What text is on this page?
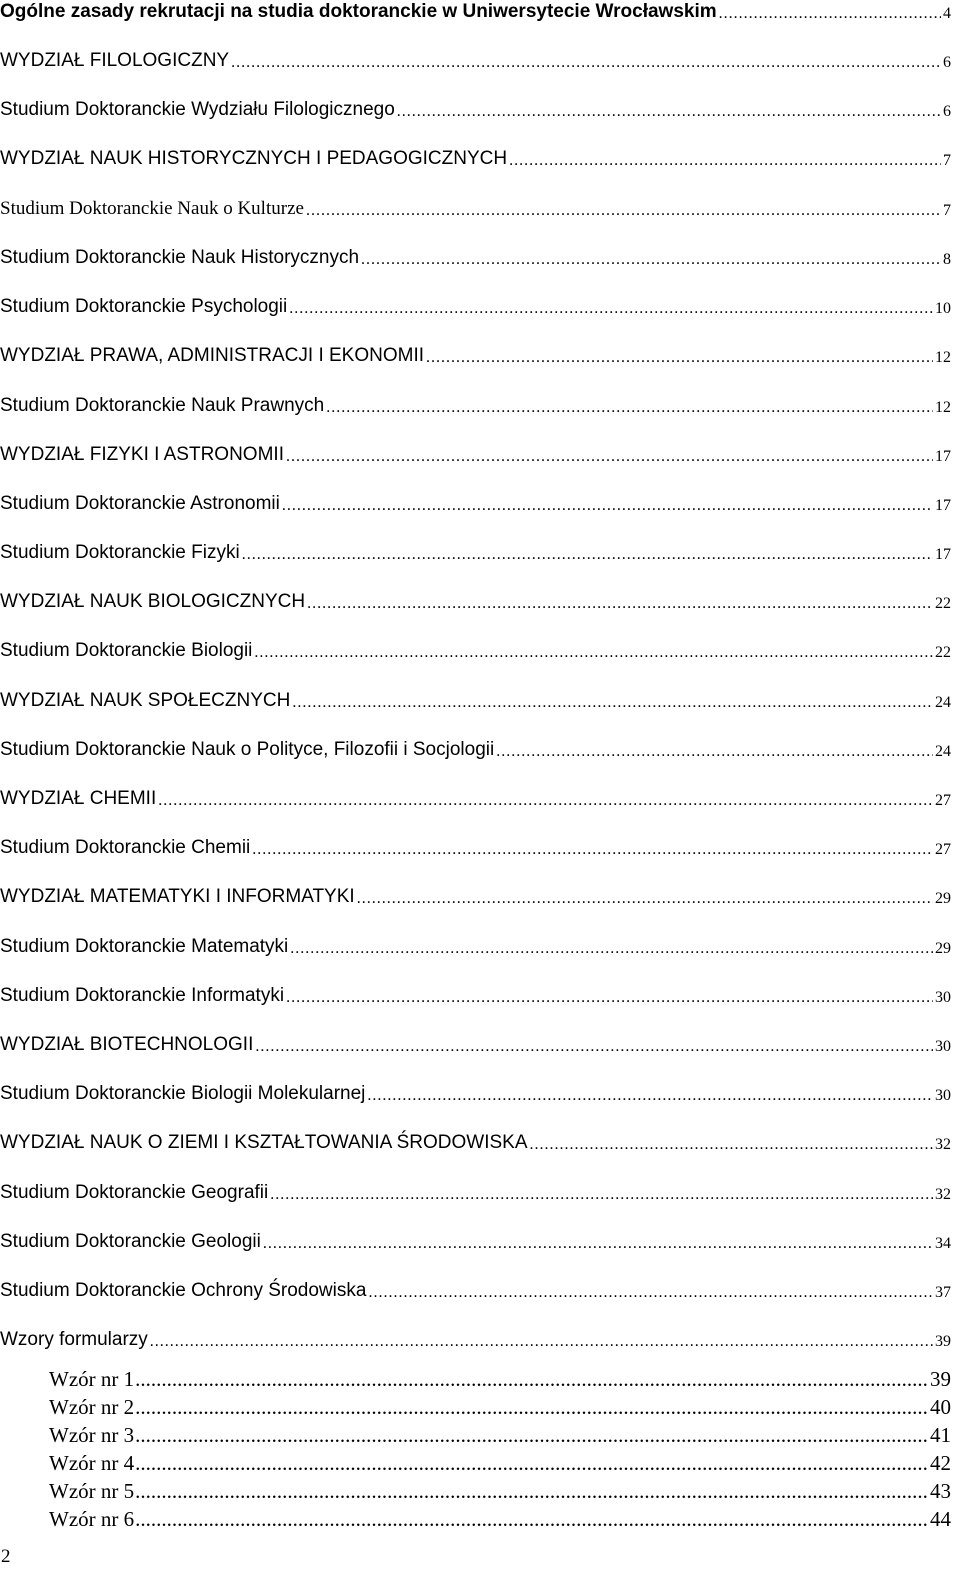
Ogólne zasady rekrutacji na studia doktoranckie w Uniwersytecie Wrocławskim .....	4
WYDZIAŁ FILOLOGICZNY .....	6
Studium Doktoranckie Wydziału Filologicznego .....	6
WYDZIAŁ NAUK HISTORYCZNYCH I PEDAGOGICZNYCH .....	7
Studium Doktoranckie Nauk o Kulturze .....	7
Studium Doktoranckie Nauk Historycznych .....	8
Studium Doktoranckie Psychologii .....	10
WYDZIAŁ PRAWA, ADMINISTRACJI I EKONOMII .....	12
Studium Doktoranckie Nauk Prawnych .....	12
WYDZIAŁ FIZYKI I ASTRONOMII .....	17
Studium Doktoranckie Astronomii .....	17
Studium Doktoranckie Fizyki .....	17
WYDZIAŁ NAUK BIOLOGICZNYCH .....	22
Studium Doktoranckie Biologii .....	22
WYDZIAŁ NAUK SPOŁECZNYCH .....	24
Studium Doktoranckie Nauk o Polityce, Filozofii i Socjologii .....	24
WYDZIAŁ CHEMII .....	27
Studium Doktoranckie Chemii .....	27
WYDZIAŁ MATEMATYKI I INFORMATYKI .....	29
Studium Doktoranckie Matematyki .....	29
Studium Doktoranckie Informatyki .....	30
WYDZIAŁ BIOTECHNOLOGII .....	30
Studium Doktoranckie Biologii Molekularnej .....	30
WYDZIAŁ NAUK O ZIEMI I KSZTAŁTOWANIA ŚRODOWISKA .....	32
Studium Doktoranckie Geografii .....	32
Studium Doktoranckie Geologii .....	34
Studium Doktoranckie Ochrony Środowiska .....	37
Wzory formularzy .....	39
Wzór nr 1 .....	39
Wzór nr 2 .....	40
Wzór nr 3 .....	41
Wzór nr 4 .....	42
Wzór nr 5 .....	43
Wzór nr 6 .....	44
2
